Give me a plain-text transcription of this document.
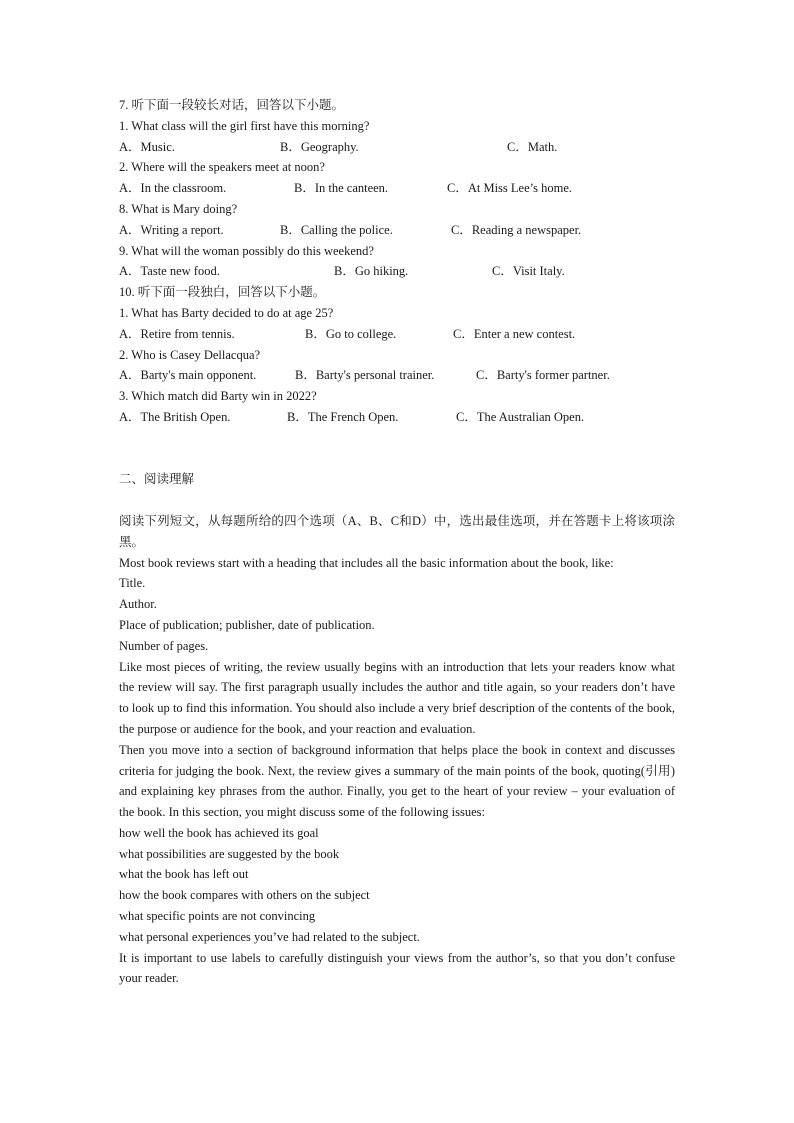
7. 听下面一段较长对话，回答以下小题。
1. What class will the girl first have this morning?
A．Music.	B．Geography.	C．Math.
2. Where will the speakers meet at noon?
A．In the classroom.	B．In the canteen.	C．At Miss Lee’s home.
8. What is Mary doing?
A．Writing a report.	B．Calling the police.	C．Reading a newspaper.
9. What will the woman possibly do this weekend?
A．Taste new food.	B．Go hiking.	C．Visit Italy.
10. 听下面一段独白，回答以下小题。
1. What has Barty decided to do at age 25?
A．Retire from tennis.	B．Go to college.	C．Enter a new contest.
2. Who is Casey Dellacqua?
A．Barty's main opponent.	B．Barty's personal trainer.	C．Barty's former partner.
3. Which match did Barty win in 2022?
A．The British Open.	B．The French Open.	C．The Australian Open.
二、阅读理解
阅读下列短文，从每题所给的四个选项（A、B、C和D）中，选出最佳选项，并在答题卡上将该项涂黑。
Most book reviews start with a heading that includes all the basic information about the book, like:
Title.
Author.
Place of publication; publisher, date of publication.
Number of pages.
Like most pieces of writing, the review usually begins with an introduction that lets your readers know what the review will say. The first paragraph usually includes the author and title again, so your readers don’t have to look up to find this information. You should also include a very brief description of the contents of the book, the purpose or audience for the book, and your reaction and evaluation.
Then you move into a section of background information that helps place the book in context and discusses criteria for judging the book. Next, the review gives a summary of the main points of the book, quoting(引用) and explaining key phrases from the author. Finally, you get to the heart of your review – your evaluation of the book. In this section, you might discuss some of the following issues:
how well the book has achieved its goal
what possibilities are suggested by the book
what the book has left out
how the book compares with others on the subject
what specific points are not convincing
what personal experiences you’ve had related to the subject.
It is important to use labels to carefully distinguish your views from the author’s, so that you don’t confuse your reader.
